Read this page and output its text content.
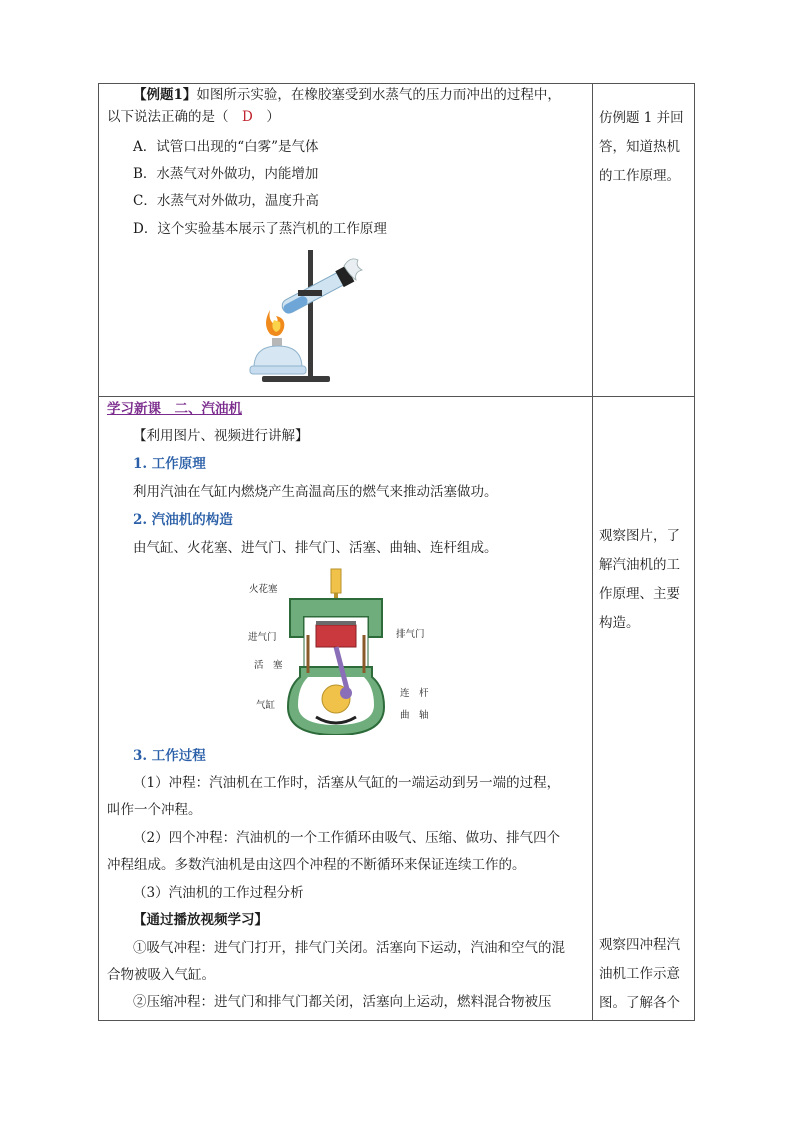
【例题1】如图所示实验，在橡胶塞受到水蒸气的压力而冲出的过程中，
以下说法正确的是（　 D　 ）
A．试管口出现的“白雾”是气体
B．水蒸气对外做功，内能增加
C．水蒸气对外做功，温度升高
D．这个实验基本展示了蒸汽机的工作原理
仿例题 1 并回答，知道热机的工作原理。
学习新课　二、汽油机
【利用图片、视频进行讲解】
1. 工作原理
利用汽油在气缸内燃烧产生高温高压的燃气来推动活塞做功。
2. 汽油机的构造
由气缸、火花塞、进气门、排气门、活塞、曲轴、连杆组成。
火花塞
进气门	排气门
活　塞
连　杆
气缸
曲　轴
观察图片，了解汽油机的工作原理、主要构造。
3. 工作过程
（1）冲程：汽油机在工作时，活塞从气缸的一端运动到另一端的过程，
叫作一个冲程。
（2）四个冲程：汽油机的一个工作循环由吸气、压缩、做功、排气四个
冲程组成。多数汽油机是由这四个冲程的不断循环来保证连续工作的。
（3）汽油机的工作过程分析
【通过播放视频学习】
①吸气冲程：进气门打开，排气门关闭。活塞向下运动，汽油和空气的混
合物被吸入气缸。
②压缩冲程：进气门和排气门都关闭，活塞向上运动，燃料混合物被压
观察四冲程汽油机工作示意图。了解各个
